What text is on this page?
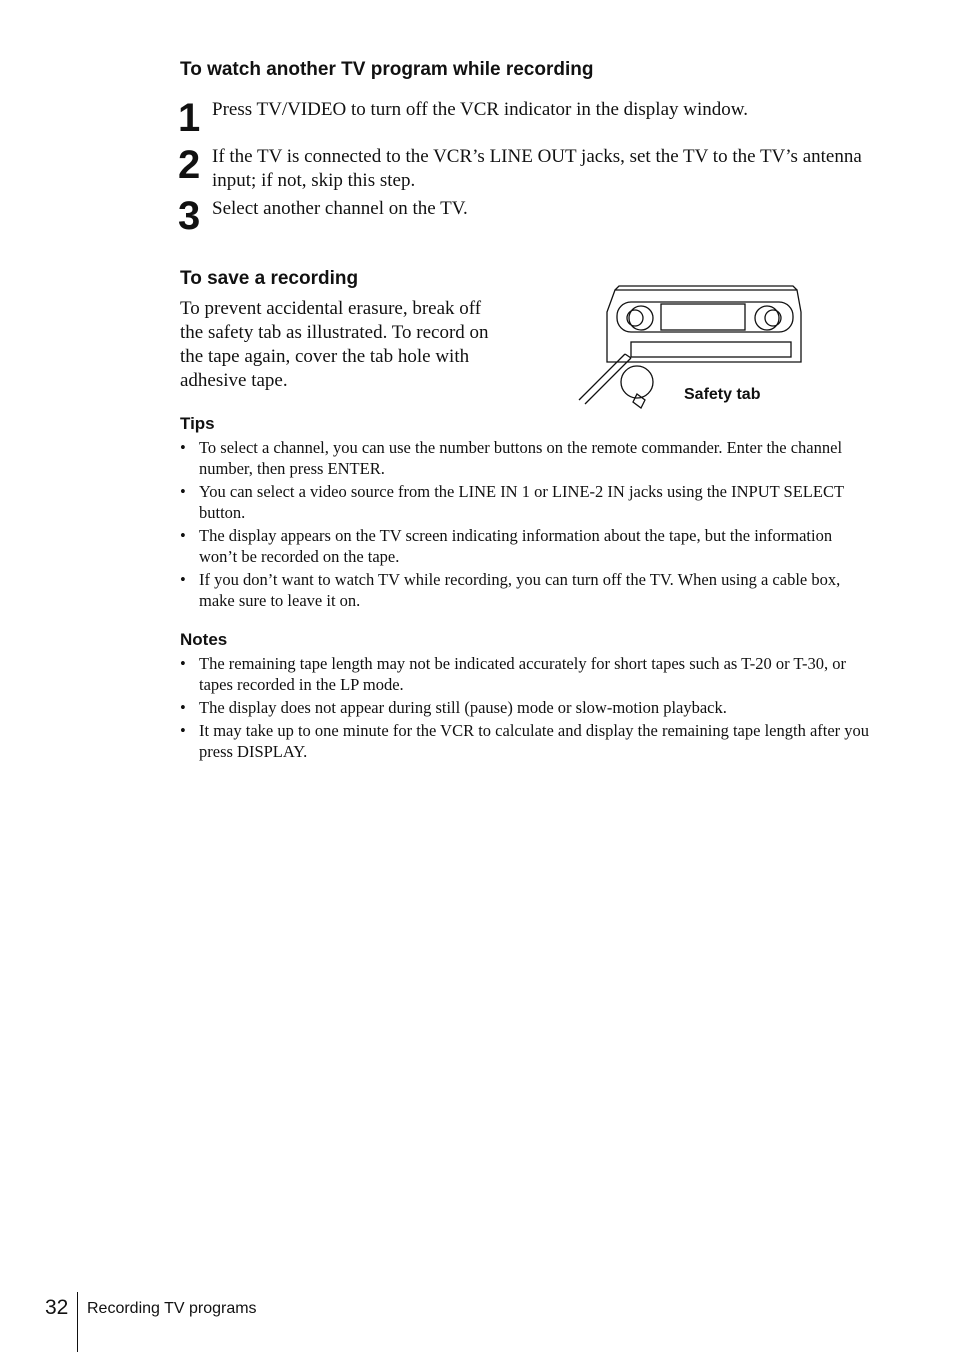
To watch another TV program while recording
1 Press TV/VIDEO to turn off the VCR indicator in the display window.
2 If the TV is connected to the VCR’s LINE OUT jacks, set the TV to the TV’s antenna input; if not, skip this step.
3 Select another channel on the TV.
To save a recording
To prevent accidental erasure, break off the safety tab as illustrated. To record on the tape again, cover the tab hole with adhesive tape.
Safety tab
Tips
• To select a channel, you can use the number buttons on the remote commander. Enter the channel number, then press ENTER.
• You can select a video source from the LINE IN 1 or LINE-2 IN jacks using the INPUT SELECT button.
• The display appears on the TV screen indicating information about the tape, but the information won’t be recorded on the tape.
• If you don’t want to watch TV while recording, you can turn off the TV. When using a cable box, make sure to leave it on.
Notes
• The remaining tape length may not be indicated accurately for short tapes such as T-20 or T-30, or tapes recorded in the LP mode.
• The display does not appear during still (pause) mode or slow-motion playback.
• It may take up to one minute for the VCR to calculate and display the remaining tape length after you press DISPLAY.
32 Recording TV programs
